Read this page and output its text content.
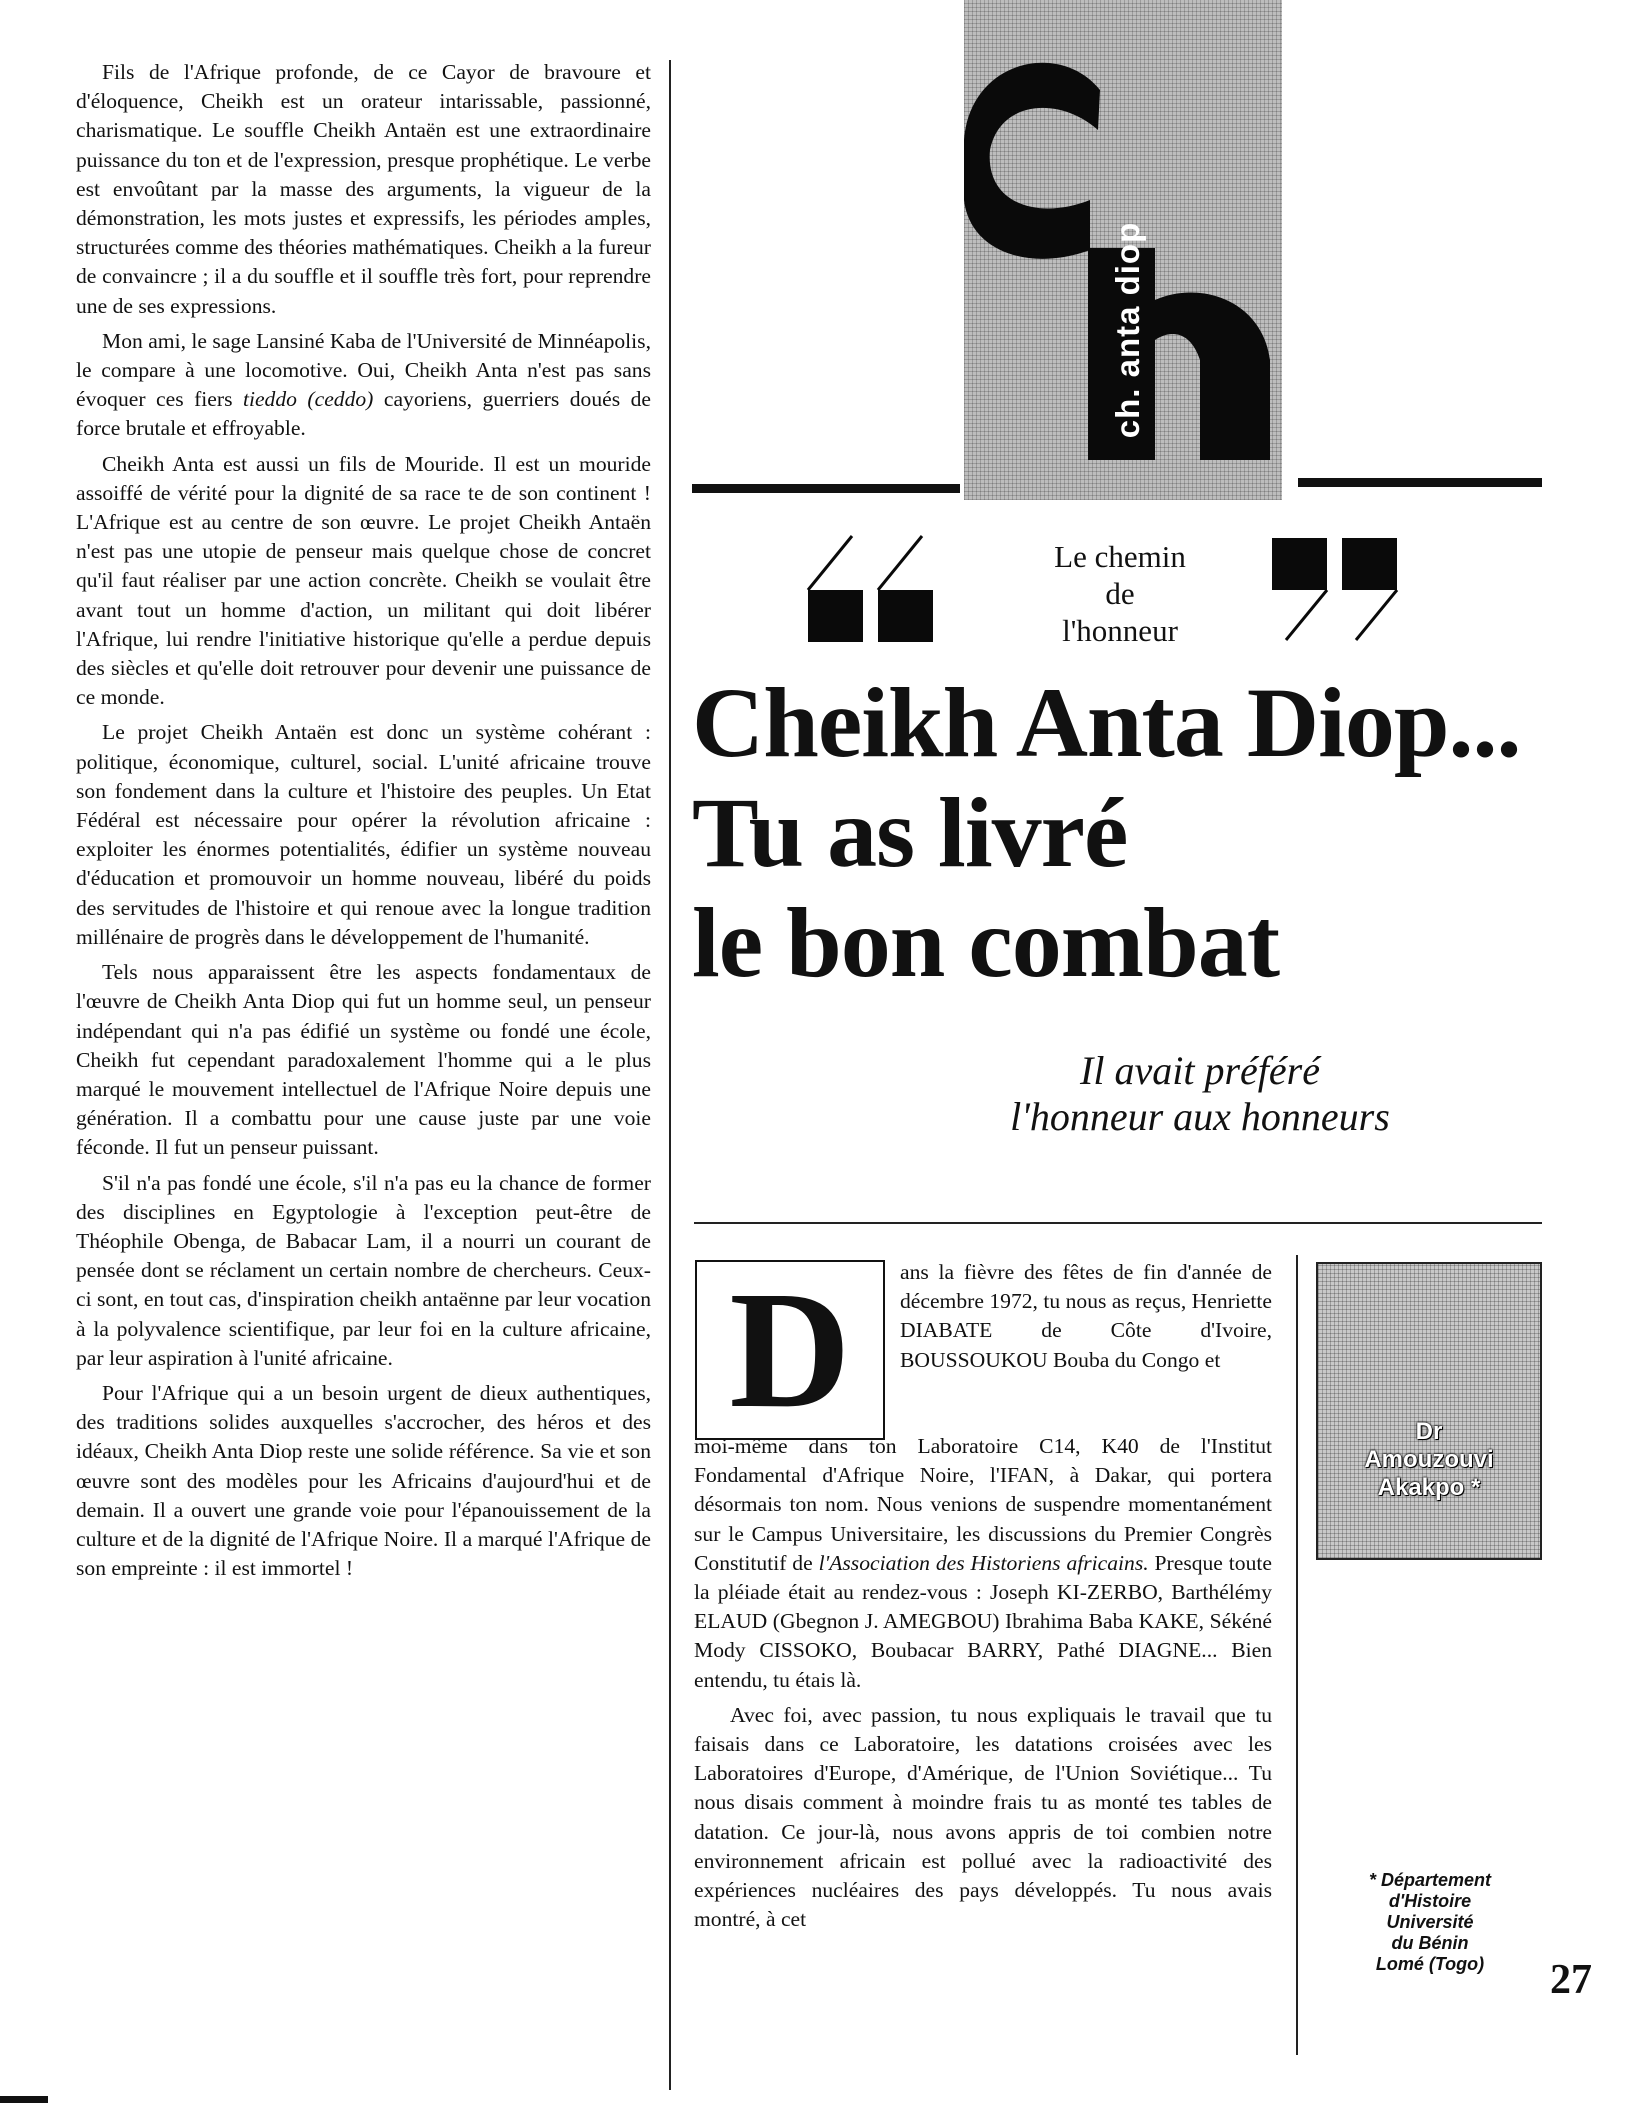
Fils de l'Afrique profonde, de ce Cayor de bravoure et d'éloquence, Cheikh est un orateur intarissable, passionné, charismatique. Le souffle Cheikh Antaën est une extraordinaire puissance du ton et de l'expression, presque prophétique. Le verbe est envoûtant par la masse des arguments, la vigueur de la démonstration, les mots justes et expressifs, les périodes amples, structurées comme des théories mathématiques. Cheikh a la fureur de convaincre ; il a du souffle et il souffle très fort, pour reprendre une de ses expressions.

Mon ami, le sage Lansiné Kaba de l'Université de Minnéapolis, le compare à une locomotive. Oui, Cheikh Anta n'est pas sans évoquer ces fiers tieddo (ceddo) cayoriens, guerriers doués de force brutale et effroyable.

Cheikh Anta est aussi un fils de Mouride. Il est un mouride assoiffé de vérité pour la dignité de sa race te de son continent ! L'Afrique est au centre de son œuvre. Le projet Cheikh Antaën n'est pas une utopie de penseur mais quelque chose de concret qu'il faut réaliser par une action concrète. Cheikh se voulait être avant tout un homme d'action, un militant qui doit libérer l'Afrique, lui rendre l'initiative historique qu'elle a perdue depuis des siècles et qu'elle doit retrouver pour devenir une puissance de ce monde.

Le projet Cheikh Antaën est donc un système cohérant : politique, économique, culturel, social. L'unité africaine trouve son fondement dans la culture et l'histoire des peuples. Un Etat Fédéral est nécessaire pour opérer la révolution africaine : exploiter les énormes potentialités, édifier un système nouveau d'éducation et promouvoir un homme nouveau, libéré du poids des servitudes de l'histoire et qui renoue avec la longue tradition millénaire de progrès dans le développement de l'humanité.

Tels nous apparaissent être les aspects fondamentaux de l'œuvre de Cheikh Anta Diop qui fut un homme seul, un penseur indépendant qui n'a pas édifié un système ou fondé une école, Cheikh fut cependant paradoxalement l'homme qui a le plus marqué le mouvement intellectuel de l'Afrique Noire depuis une génération. Il a combattu pour une cause juste par une voie féconde. Il fut un penseur puissant.

S'il n'a pas fondé une école, s'il n'a pas eu la chance de former des disciplines en Egyptologie à l'exception peut-être de Théophile Obenga, de Babacar Lam, il a nourri un courant de pensée dont se réclament un certain nombre de chercheurs. Ceux-ci sont, en tout cas, d'inspiration cheikh antaënne par leur vocation à la polyvalence scientifique, par leur foi en la culture africaine, par leur aspiration à l'unité africaine.

Pour l'Afrique qui a un besoin urgent de dieux authentiques, des traditions solides auxquelles s'accrocher, des héros et des idéaux, Cheikh Anta Diop reste une solide référence. Sa vie et son œuvre sont des modèles pour les Africains d'aujourd'hui et de demain. Il a ouvert une grande voie pour l'épanouissement de la culture et de la dignité de l'Afrique Noire. Il a marqué l'Afrique de son empreinte : il est immortel !

ch. anta diop
Le chemin
de
l'honneur
Cheikh Anta Diop...
Tu as livré
le bon combat
Il avait préféré
l'honneur aux honneurs
D	ans la fièvre des fêtes de fin d'année de décembre 1972, tu nous as reçus, Henriette DIABATE de Côte d'Ivoire, BOUSSOUKOU Bouba du Congo et

moi-même dans ton Laboratoire C14, K40 de l'Institut Fondamental d'Afrique Noire, l'IFAN, à Dakar, qui portera désormais ton nom. Nous venions de suspendre momentanément sur le Campus Universitaire, les discussions du Premier Congrès Constitutif de l'Association des Historiens africains. Presque toute la pléiade était au rendez-vous : Joseph KI-ZERBO, Barthélémy ELAUD (Gbegnon J. AMEGBOU) Ibrahima Baba KAKE, Sékéné Mody CISSOKO, Boubacar BARRY, Pathé DIAGNE... Bien entendu, tu étais là.

Avec foi, avec passion, tu nous expliquais le travail que tu faisais dans ce Laboratoire, les datations croisées avec les Laboratoires d'Europe, d'Amérique, de l'Union Soviétique... Tu nous disais comment à moindre frais tu as monté tes tables de datation. Ce jour-là, nous avons appris de toi combien notre environnement africain est pollué avec la radioactivité des expériences nucléaires des pays développés. Tu nous avais montré, à cet

Dr
Amouzouvi
Akakpo *
* Département
d'Histoire
Université
du Bénin
Lomé (Togo)	27
